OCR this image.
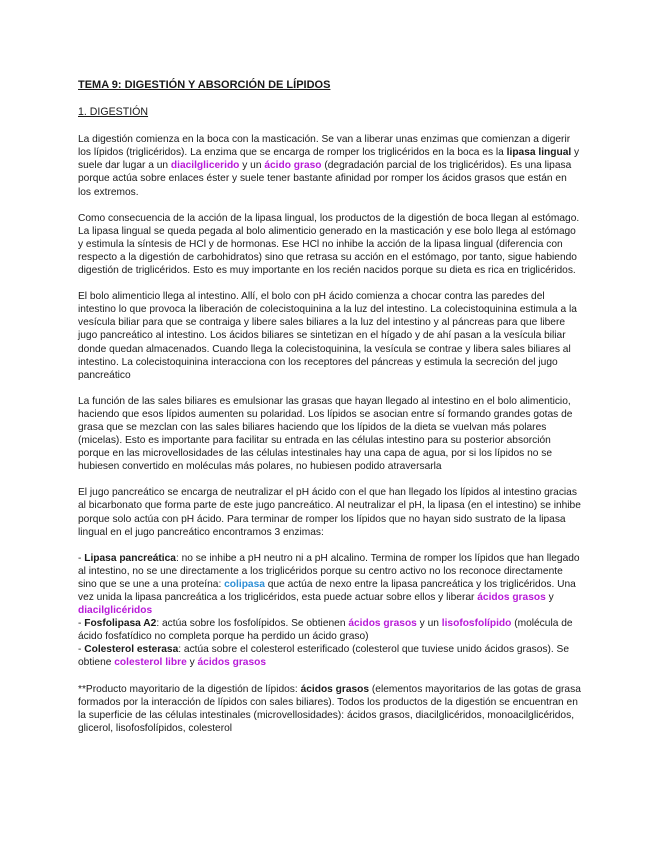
TEMA 9: DIGESTIÓN Y ABSORCIÓN DE LÍPIDOS
1. DIGESTIÓN

La digestión comienza en la boca con la masticación. Se van a liberar unas enzimas que comienzan a digerir los lípidos (triglicéridos). La enzima que se encarga de romper los triglicéridos en la boca es la lipasa lingual y suele dar lugar a un diacilglicerido y un ácido graso (degradación parcial de los triglicéridos). Es una lipasa porque actúa sobre enlaces éster y suele tener bastante afinidad por romper los ácidos grasos que están en los extremos.

Como consecuencia de la acción de la lipasa lingual, los productos de la digestión de boca llegan al estómago. La lipasa lingual se queda pegada al bolo alimenticio generado en la masticación y ese bolo llega al estómago y estimula la síntesis de HCl y de hormonas. Ese HCl no inhibe la acción de la lipasa lingual (diferencia con respecto a la digestión de carbohidratos) sino que retrasa su acción en el estómago, por tanto, sigue habiendo digestión de triglicéridos. Esto es muy importante en los recién nacidos porque su dieta es rica en triglicéridos.

El bolo alimenticio llega al intestino. Allí, el bolo con pH ácido comienza a chocar contra las paredes del intestino lo que provoca la liberación de colecistoquinina a la luz del intestino. La colecistoquinina estimula a la vesícula biliar para que se contraiga y libere sales biliares a la luz del intestino y al páncreas para que libere jugo pancreático al intestino. Los ácidos biliares se sintetizan en el hígado y de ahí pasan a la vesícula biliar donde quedan almacenados. Cuando llega la colecistoquinina, la vesícula se contrae y libera sales biliares al intestino. La colecistoquinina interacciona con los receptores del páncreas y estimula la secreción del jugo pancreático

La función de las sales biliares es emulsionar las grasas que hayan llegado al intestino en el bolo alimenticio, haciendo que esos lípidos aumenten su polaridad. Los lípidos se asocian entre sí formando grandes gotas de grasa que se mezclan con las sales biliares haciendo que los lípidos de la dieta se vuelvan más polares (micelas). Esto es importante para facilitar su entrada en las células intestino para su posterior absorción porque en las microvellosidades de las células intestinales hay una capa de agua, por si los lípidos no se hubiesen convertido en moléculas más polares, no hubiesen podido atraversarla

El jugo pancreático se encarga de neutralizar el pH ácido con el que han llegado los lípidos al intestino gracias al bicarbonato que forma parte de este jugo pancreático. Al neutralizar el pH, la lipasa (en el intestino) se inhibe porque solo actúa con pH ácido. Para terminar de romper los lípidos que no hayan sido sustrato de la lipasa lingual en el jugo pancreático encontramos 3 enzimas:

- Lipasa pancreática: no se inhibe a pH neutro ni a pH alcalino. Termina de romper los lípidos que han llegado al intestino, no se une directamente a los triglicéridos porque su centro activo no los reconoce directamente sino que se une a una proteína: colipasa que actúa de nexo entre la lipasa pancreática y los triglicéridos. Una vez unida la lipasa pancreática a los triglicéridos, esta puede actuar sobre ellos y liberar ácidos grasos y diacilglicéridos

- Fosfolipasa A2: actúa sobre los fosfolípidos. Se obtienen ácidos grasos y un lisofosfolípido (molécula de ácido fosfatídico no completa porque ha perdido un ácido graso)

- Colesterol esterasa: actúa sobre el colesterol esterificado (colesterol que tuviese unido ácidos grasos). Se obtiene colesterol libre y ácidos grasos

**Producto mayoritario de la digestión de lípidos: ácidos grasos (elementos mayoritarios de las gotas de grasa formados por la interacción de lípidos con sales biliares). Todos los productos de la digestión se encuentran en la superficie de las células intestinales (microvellosidades): ácidos grasos, diacilglicéridos, monoacilglicéridos, glicerol, lisofosfolípidos, colesterol
